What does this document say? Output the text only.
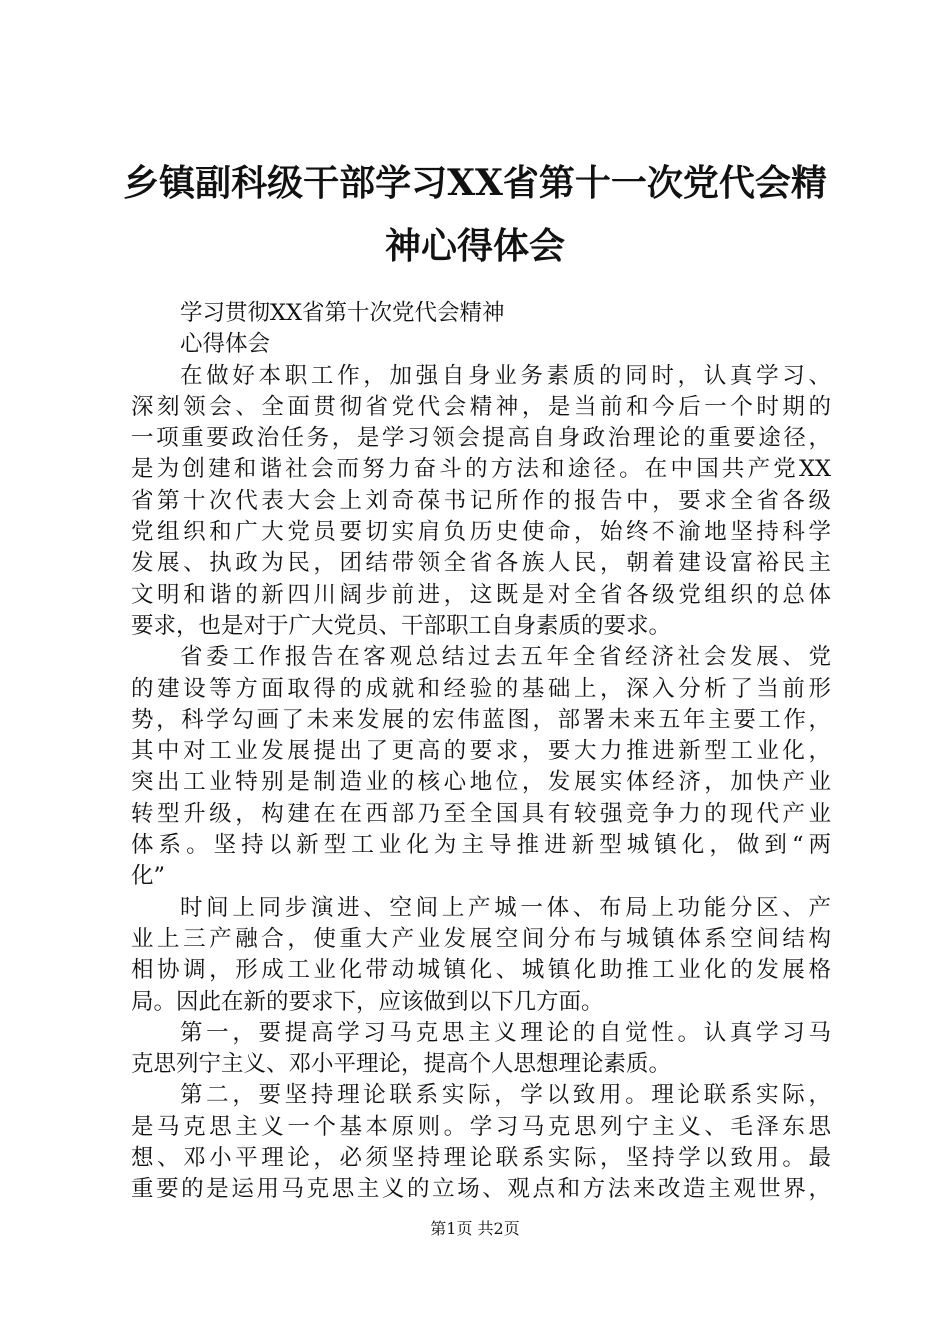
乡镇副科级干部学习XX省第十一次党代会精
神心得体会
学习贯彻XX省第十次党代会精神
心得体会
在做好本职工作，加强自身业务素质的同时，认真学习、
深刻领会、全面贯彻省党代会精神，是当前和今后一个时期的
一项重要政治任务，是学习领会提高自身政治理论的重要途径，
是为创建和谐社会而努力奋斗的方法和途径。在中国共产党XX
省第十次代表大会上刘奇葆书记所作的报告中，要求全省各级
党组织和广大党员要切实肩负历史使命，始终不渝地坚持科学
发展、执政为民，团结带领全省各族人民，朝着建设富裕民主
文明和谐的新四川阔步前进，这既是对全省各级党组织的总体
要求，也是对于广大党员、干部职工自身素质的要求。
省委工作报告在客观总结过去五年全省经济社会发展、党
的建设等方面取得的成就和经验的基础上，深入分析了当前形
势，科学勾画了未来发展的宏伟蓝图，部署未来五年主要工作，
其中对工业发展提出了更高的要求，要大力推进新型工业化，
突出工业特别是制造业的核心地位，发展实体经济，加快产业
转型升级，构建在在西部乃至全国具有较强竞争力的现代产业
体系。坚持以新型工业化为主导推进新型城镇化，做到“两
化”
时间上同步演进、空间上产城一体、布局上功能分区、产
业上三产融合，使重大产业发展空间分布与城镇体系空间结构
相协调，形成工业化带动城镇化、城镇化助推工业化的发展格
局。因此在新的要求下，应该做到以下几方面。
第一，要提高学习马克思主义理论的自觉性。认真学习马
克思列宁主义、邓小平理论，提高个人思想理论素质。
第二，要坚持理论联系实际，学以致用。理论联系实际，
是马克思主义一个基本原则。学习马克思列宁主义、毛泽东思
想、邓小平理论，必须坚持理论联系实际，坚持学以致用。最
重要的是运用马克思主义的立场、观点和方法来改造主观世界，
第1页 共2页
